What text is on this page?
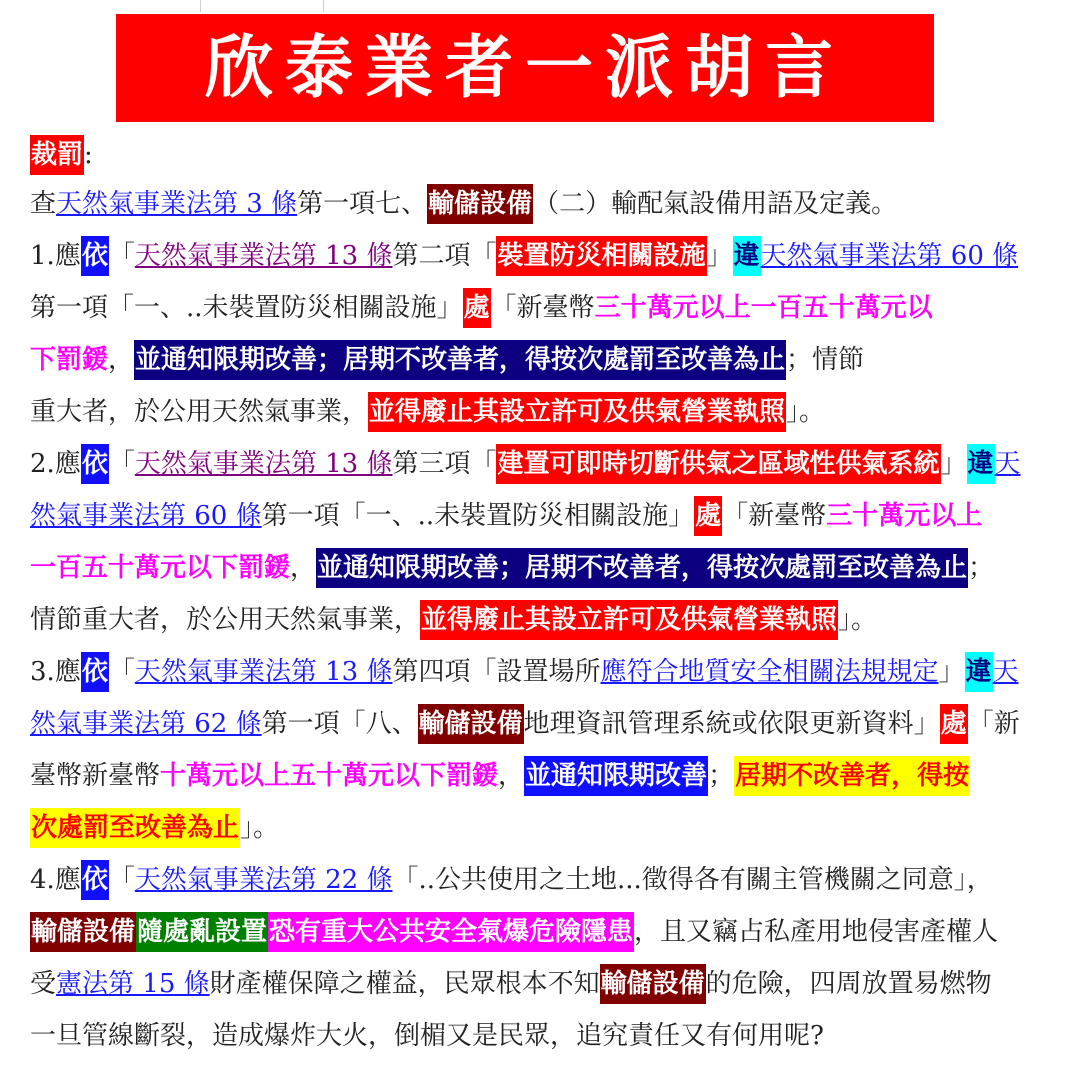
欣泰業者一派胡言
裁罰:
查天然氣事業法第 3 條第一項七、輸儲設備（二）輸配氣設備用語及定義。
1.應依「天然氣事業法第 13 條第二項「裝置防災相關設施」違天然氣事業法第 60 條
第一項「一、..未裝置防災相關設施」處「新臺幣三十萬元以上一百五十萬元以
下罰鍰，並通知限期改善；居期不改善者，得按次處罰至改善為止；情節
重大者，於公用天然氣事業，並得廢止其設立許可及供氣營業執照」。
2.應依「天然氣事業法第 13 條第三項「建置可即時切斷供氣之區域性供氣系統」違天
然氣事業法第 60 條第一項「一、..未裝置防災相關設施」處「新臺幣三十萬元以上
一百五十萬元以下罰鍰，並通知限期改善；居期不改善者，得按次處罰至改善為止；
情節重大者，於公用天然氣事業，並得廢止其設立許可及供氣營業執照」。
3.應依「天然氣事業法第 13 條第四項「設置場所應符合地質安全相關法規規定」違天
然氣事業法第 62 條第一項「八、輸儲設備地理資訊管理系統或依限更新資料」處「新
臺幣新臺幣十萬元以上五十萬元以下罰鍰，並通知限期改善；居期不改善者，得按
次處罰至改善為止」。
4.應依「天然氣事業法第 22 條「..公共使用之土地...徵得各有關主管機關之同意」，
輸儲設備隨處亂設置恐有重大公共安全氣爆危險隱患，且又竊占私產用地侵害產權人
受憲法第 15 條財產權保障之權益，民眾根本不知輸儲設備的危險，四周放置易燃物
一旦管線斷裂，造成爆炸大火，倒楣又是民眾，追究責任又有何用呢?
